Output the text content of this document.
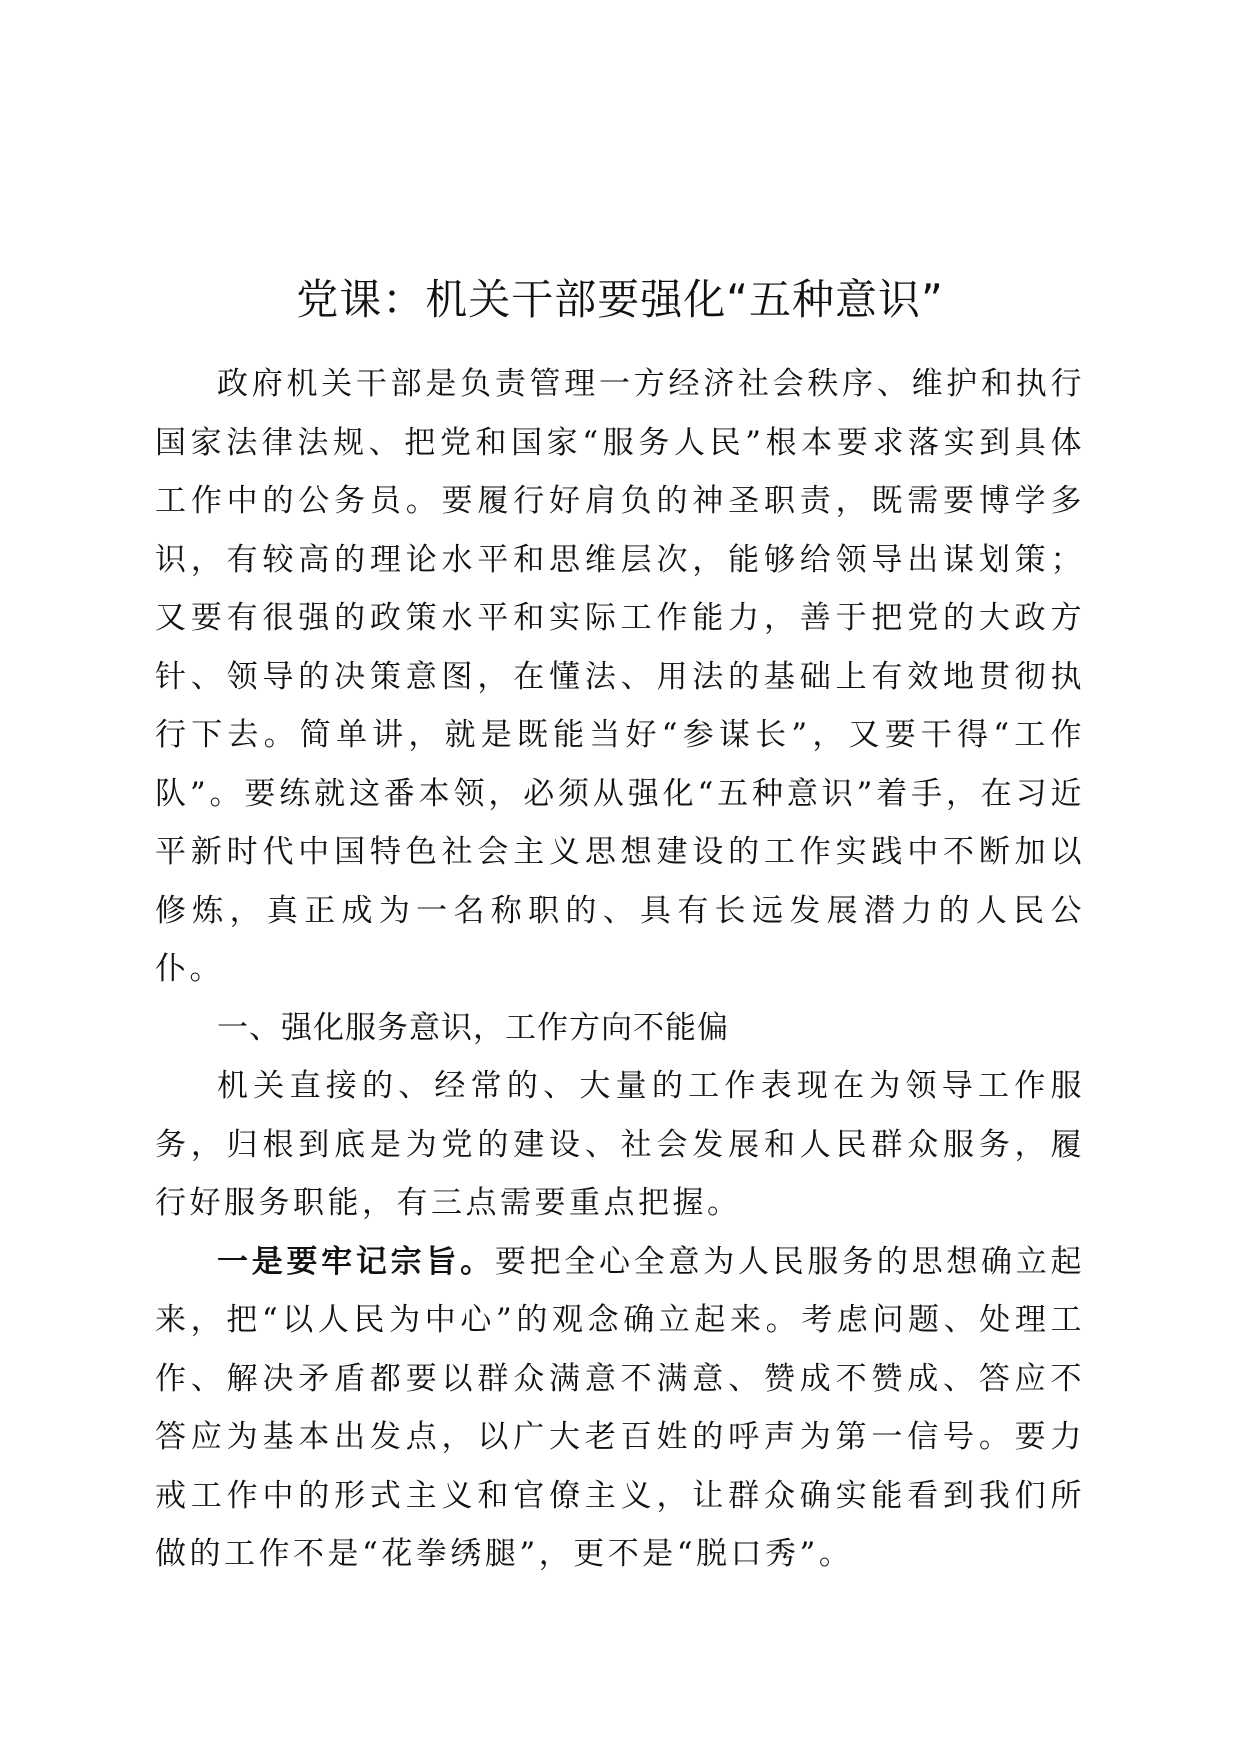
党课：机关干部要强化“五种意识”

政府机关干部是负责管理一方经济社会秩序、维护和执行国家法律法规、把党和国家“服务人民”根本要求落实到具体工作中的公务员。要履行好肩负的神圣职责，既需要博学多识，有较高的理论水平和思维层次，能够给领导出谋划策；又要有很强的政策水平和实际工作能力，善于把党的大政方针、领导的决策意图，在懂法、用法的基础上有效地贯彻执行下去。简单讲，就是既能当好“参谋长”，又要干得“工作队”。要练就这番本领，必须从强化“五种意识”着手，在习近平新时代中国特色社会主义思想建设的工作实践中不断加以修炼，真正成为一名称职的、具有长远发展潜力的人民公仆。

一、强化服务意识，工作方向不能偏

机关直接的、经常的、大量的工作表现在为领导工作服务，归根到底是为党的建设、社会发展和人民群众服务，履行好服务职能，有三点需要重点把握。

一是要牢记宗旨。要把全心全意为人民服务的思想确立起来，把“以人民为中心”的观念确立起来。考虑问题、处理工作、解决矛盾都要以群众满意不满意、赞成不赞成、答应不答应为基本出发点，以广大老百姓的呼声为第一信号。要力戒工作中的形式主义和官僚主义，让群众确实能看到我们所做的工作不是“花拳绣腿”，更不是“脱口秀”。
